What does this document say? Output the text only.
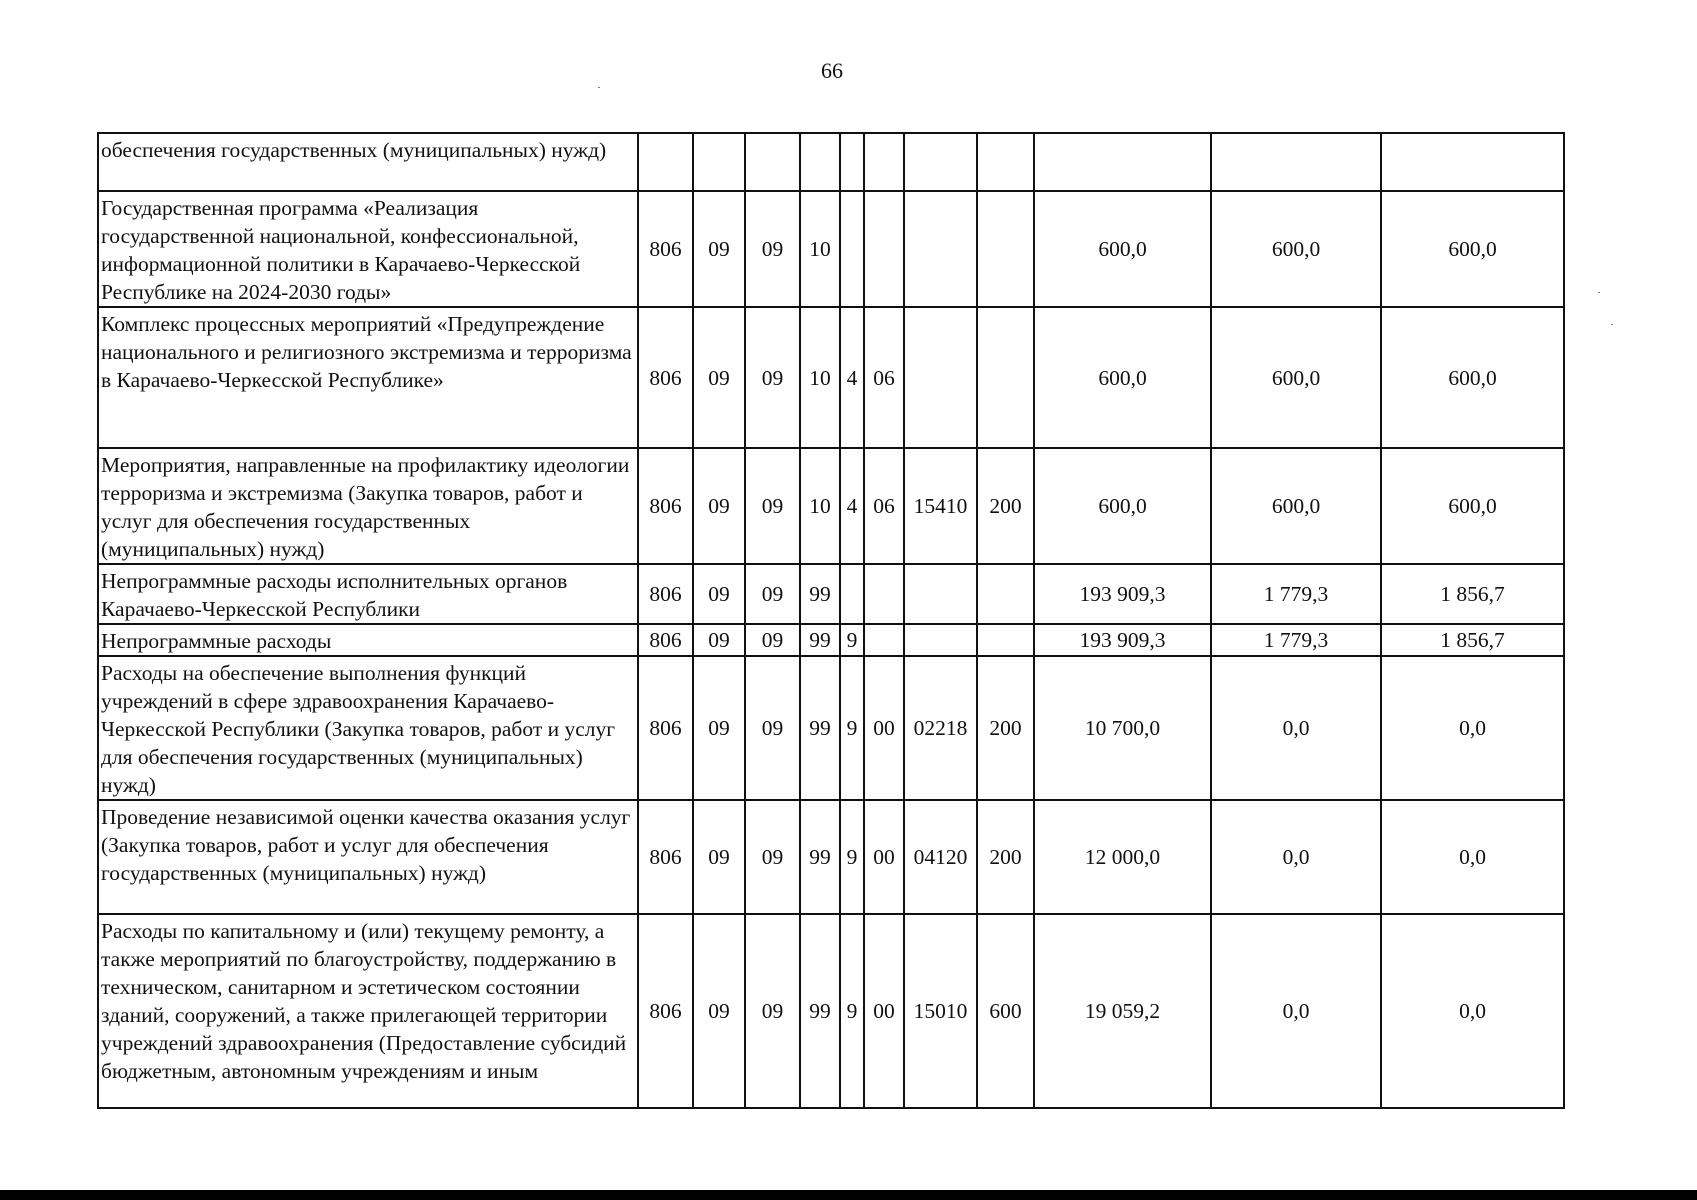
66
обеспечения государственных (муниципальных) нужд)											
Государственная программа «Реализация государственной национальной, конфессиональной, информационной политики в Карачаево-Черкесской Республике на 2024-2030 годы»	806	09	09	10					600,0	600,0	600,0
Комплекс процессных мероприятий «Предупреждение национального и религиозного экстремизма и терроризма в Карачаево-Черкесской Республике»	806	09	09	10	4	06			600,0	600,0	600,0
Мероприятия, направленные на профилактику идеологии терроризма и экстремизма (Закупка товаров, работ и услуг для обеспечения государственных (муниципальных) нужд)	806	09	09	10	4	06	15410	200	600,0	600,0	600,0
Непрограммные расходы исполнительных органов Карачаево-Черкесской Республики	806	09	09	99					193 909,3	1 779,3	1 856,7
Непрограммные расходы	806	09	09	99	9				193 909,3	1 779,3	1 856,7
Расходы на обеспечение выполнения функций учреждений в сфере здравоохранения Карачаево-Черкесской Республики (Закупка товаров, работ и услуг для обеспечения государственных (муниципальных) нужд)	806	09	09	99	9	00	02218	200	10 700,0	0,0	0,0
Проведение независимой оценки качества оказания услуг (Закупка товаров, работ и услуг для обеспечения государственных (муниципальных) нужд)	806	09	09	99	9	00	04120	200	12 000,0	0,0	0,0
Расходы по капитальному и (или) текущему ремонту, а также мероприятий по благоустройству, поддержанию в техническом, санитарном и эстетическом состоянии зданий, сооружений, а также прилегающей территории учреждений здравоохранения (Предоставление субсидий бюджетным, автономным учреждениям и иным	806	09	09	99	9	00	15010	600	19 059,2	0,0	0,0
